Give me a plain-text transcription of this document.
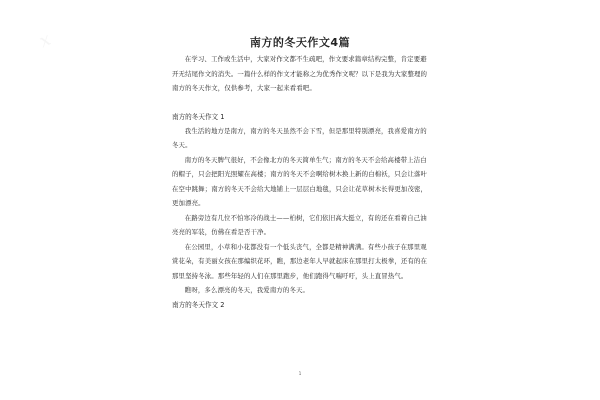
ⅹ	南方的冬天作文4篇

在学习、工作或生活中，大家对作文都不生疏吧，作文要求篇章结构完整，肯定要避开无结尾作文的消失。一篇什么样的作文才能称之为优秀作文呢？以下是我为大家整理的南方的冬天作文，仅供参考，大家一起来看看吧。

南方的冬天作文 1

我生活的地方是南方，南方的冬天虽然不会下雪，但是那里特别漂亮，我喜爱南方的冬天。

南方的冬天脾气很好，不会像北方的冬天简单生气；南方的冬天不会给高楼带上洁白的帽子，只会把阳光照耀在高楼；南方的冬天不会啊给树木换上新的白棉袄，只会让落叶在空中跳舞；南方的冬天不会给大地铺上一层层白地毯，只会让花草树木长得更加茂密，更加漂亮。

在路旁边有几位不怕寒冷的战士——柏树，它们依旧高大挺立，有的还在看着自己油亮亮的军装，仿佛在看是否干净。

在公园里，小草和小花都没有一个低头丧气，全都是精神满满。有些小孩子在那里观赏花朵，有美丽女孩在那编织花环，瞧，那边老年人早就起床在那里打太极拳，还有的在那里坚持冬泳。那些年轻的人们在那里跑步，他们跑得气喘吁吁，头上直冒热气。

瞧呀，多么漂亮的冬天，我爱南方的冬天。

南方的冬天作文 2
1
